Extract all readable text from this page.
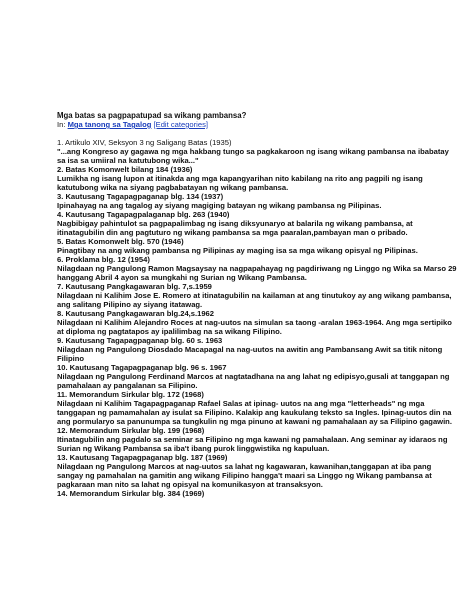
Mga batas sa pagpapatupad sa wikang pambansa?
In: Mga tanong sa Tagalog [Edit categories]

1. Artikulo XIV, Seksyon 3 ng Saligang Batas (1935)

"...ang Kongreso ay gagawa ng mga hakbang tungo sa pagkakaroon ng isang wikang pambansa na ibabatay sa isa sa umiiral na katutubong wika..."

2. Batas Komonwelt bilang 184 (1936)

Lumikha ng isang lupon at itinakda ang mga kapangyarihan nito kabilang na rito ang pagpili ng isang katutubong wika na siyang pagbabatayan ng wikang pambansa.

3. Kautusang Tagapagpaganap blg. 134 (1937)

Ipinahayag na ang tagalog ay siyang magiging batayan ng wikang pambansa ng Pilipinas.

4. Kautusang Tagapagpalaganap blg. 263 (1940)

Nagbibigay pahintulot sa pagpapalimbag ng isang diksyunaryo at balarila ng wikang pambansa, at itinatagubilin din ang pagtuturo ng wikang pambansa sa mga paaralan,pambayan man o pribado.

5. Batas Komonwelt blg. 570 (1946)

Pinagtibay na ang wikang pambansa ng Pilipinas ay maging isa sa mga wikang opisyal ng Pilipinas.

6. Proklama blg. 12 (1954)

Nilagdaan ng Pangulong Ramon Magsaysay na nagpapahayag ng pagdiriwang ng Linggo ng Wika sa Marso 29 hanggang Abril 4 ayon sa mungkahi ng Surian ng Wikang Pambansa.

7. Kautusang Pangkagawaran blg. 7,s.1959

Nilagdaan ni Kalihim Jose E. Romero at itinatagubilin na kailaman at ang tinutukoy ay ang wikang pambansa, ang salitang Pilipino ay siyang itatawag.

8. Kautusang Pangkagawaran blg.24,s.1962

Nilagdaan ni Kalihim Alejandro Roces at nag-uutos na simulan sa taong -aralan 1963-1964. Ang mga sertipiko at diploma ng pagtatapos ay ipalilimbag na sa wikang Filipino.

9. Kautusang Tagapagpaganap blg. 60 s. 1963

Nilagdaan ng Pangulong Diosdado Macapagal na nag-uutos na awitin ang Pambansang Awit sa titik nitong Filipino

10. Kautusang Tagapagpaganap blg. 96 s. 1967

Nilagdaan ng Pangulong Ferdinand Marcos at nagtatadhana na ang lahat ng edipisyo,gusali at tanggapan ng pamahalaan ay pangalanan sa Filipino.

11. Memorandum Sirkular blg. 172 (1968)

Nilagdaan ni Kalihim Tagapagpaganap Rafael Salas at ipinag- uutos na ang mga "letterheads" ng mga tanggapan ng pamamahalan ay isulat sa Filipino. Kalakip ang kaukulang teksto sa Ingles. Ipinag-uutos din na ang pormularyo sa panunumpa sa tungkulin ng mga pinuno at kawani ng pamahalaan ay sa Filipino gagawin.

12. Memorandum Sirkular blg. 199 (1968)

Itinatagubilin ang pagdalo sa seminar sa Filipino ng mga kawani ng pamahalaan. Ang seminar ay idaraos ng Surian ng Wikang Pambansa sa iba't ibang purok linggwistika ng kapuluan.

13. Kautusang Tagapagpaganap blg. 187 (1969)

Nilagdaan ng Pangulong Marcos at nag-uutos sa lahat ng kagawaran, kawanihan,tanggapan at iba pang sangay ng pamahalan na gamitin ang wikang Filipino hangga't maari sa Linggo ng Wikang pambansa at pagkaraan man nito sa lahat ng opisyal na komunikasyon at transaksyon.

14. Memorandum Sirkular blg. 384 (1969)
